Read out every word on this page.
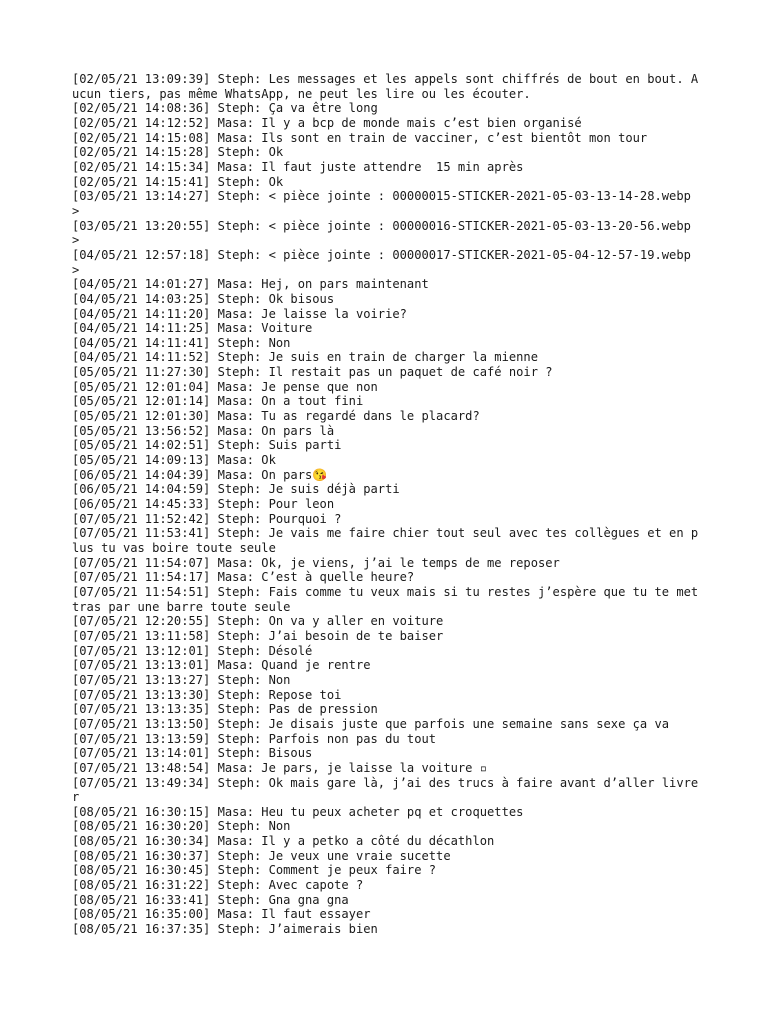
[02/05/21 13:09:39] Steph: Les messages et les appels sont chiffrés de bout en bout. Aucun tiers, pas même WhatsApp, ne peut les lire ou les écouter.
[02/05/21 14:08:36] Steph: Ça va être long
[02/05/21 14:12:52] Masa: Il y a bcp de monde mais c’est bien organisé
[02/05/21 14:15:08] Masa: Ils sont en train de vacciner, c’est bientôt mon tour
[02/05/21 14:15:28] Steph: Ok
[02/05/21 14:15:34] Masa: Il faut juste attendre  15 min après
[02/05/21 14:15:41] Steph: Ok
[03/05/21 13:14:27] Steph: < pièce jointe : 00000015-STICKER-2021-05-03-13-14-28.webp >
[03/05/21 13:20:55] Steph: < pièce jointe : 00000016-STICKER-2021-05-03-13-20-56.webp >
[04/05/21 12:57:18] Steph: < pièce jointe : 00000017-STICKER-2021-05-04-12-57-19.webp >
[04/05/21 14:01:27] Masa: Hej, on pars maintenant
[04/05/21 14:03:25] Steph: Ok bisous
[04/05/21 14:11:20] Masa: Je laisse la voirie?
[04/05/21 14:11:25] Masa: Voiture
[04/05/21 14:11:41] Steph: Non
[04/05/21 14:11:52] Steph: Je suis en train de charger la mienne
[05/05/21 11:27:30] Steph: Il restait pas un paquet de café noir ?
[05/05/21 12:01:04] Masa: Je pense que non
[05/05/21 12:01:14] Masa: On a tout fini
[05/05/21 12:01:30] Masa: Tu as regardé dans le placard?
[05/05/21 13:56:52] Masa: On pars là
[05/05/21 14:02:51] Steph: Suis parti
[05/05/21 14:09:13] Masa: Ok
[06/05/21 14:04:39] Masa: On pars😘
[06/05/21 14:04:59] Steph: Je suis déjà parti
[06/05/21 14:45:33] Steph: Pour leon
[07/05/21 11:52:42] Steph: Pourquoi ?
[07/05/21 11:53:41] Steph: Je vais me faire chier tout seul avec tes collègues et en plus tu vas boire toute seule
[07/05/21 11:54:07] Masa: Ok, je viens, j’ai le temps de me reposer
[07/05/21 11:54:17] Masa: C’est à quelle heure?
[07/05/21 11:54:51] Steph: Fais comme tu veux mais si tu restes j’espère que tu te mettras par une barre toute seule
[07/05/21 12:20:55] Steph: On va y aller en voiture
[07/05/21 13:11:58] Steph: J’ai besoin de te baiser
[07/05/21 13:12:01] Steph: Désolé
[07/05/21 13:13:01] Masa: Quand je rentre
[07/05/21 13:13:27] Steph: Non
[07/05/21 13:13:30] Steph: Repose toi
[07/05/21 13:13:35] Steph: Pas de pression
[07/05/21 13:13:50] Steph: Je disais juste que parfois une semaine sans sexe ça va
[07/05/21 13:13:59] Steph: Parfois non pas du tout
[07/05/21 13:14:01] Steph: Bisous
[07/05/21 13:48:54] Masa: Je pars, je laisse la voiture ▫
[07/05/21 13:49:34] Steph: Ok mais gare là, j’ai des trucs à faire avant d’aller livrer
[08/05/21 16:30:15] Masa: Heu tu peux acheter pq et croquettes
[08/05/21 16:30:20] Steph: Non
[08/05/21 16:30:34] Masa: Il y a petko a côté du décathlon
[08/05/21 16:30:37] Steph: Je veux une vraie sucette
[08/05/21 16:30:45] Steph: Comment je peux faire ?
[08/05/21 16:31:22] Steph: Avec capote ?
[08/05/21 16:33:41] Steph: Gna gna gna
[08/05/21 16:35:00] Masa: Il faut essayer
[08/05/21 16:37:35] Steph: J’aimerais bien
